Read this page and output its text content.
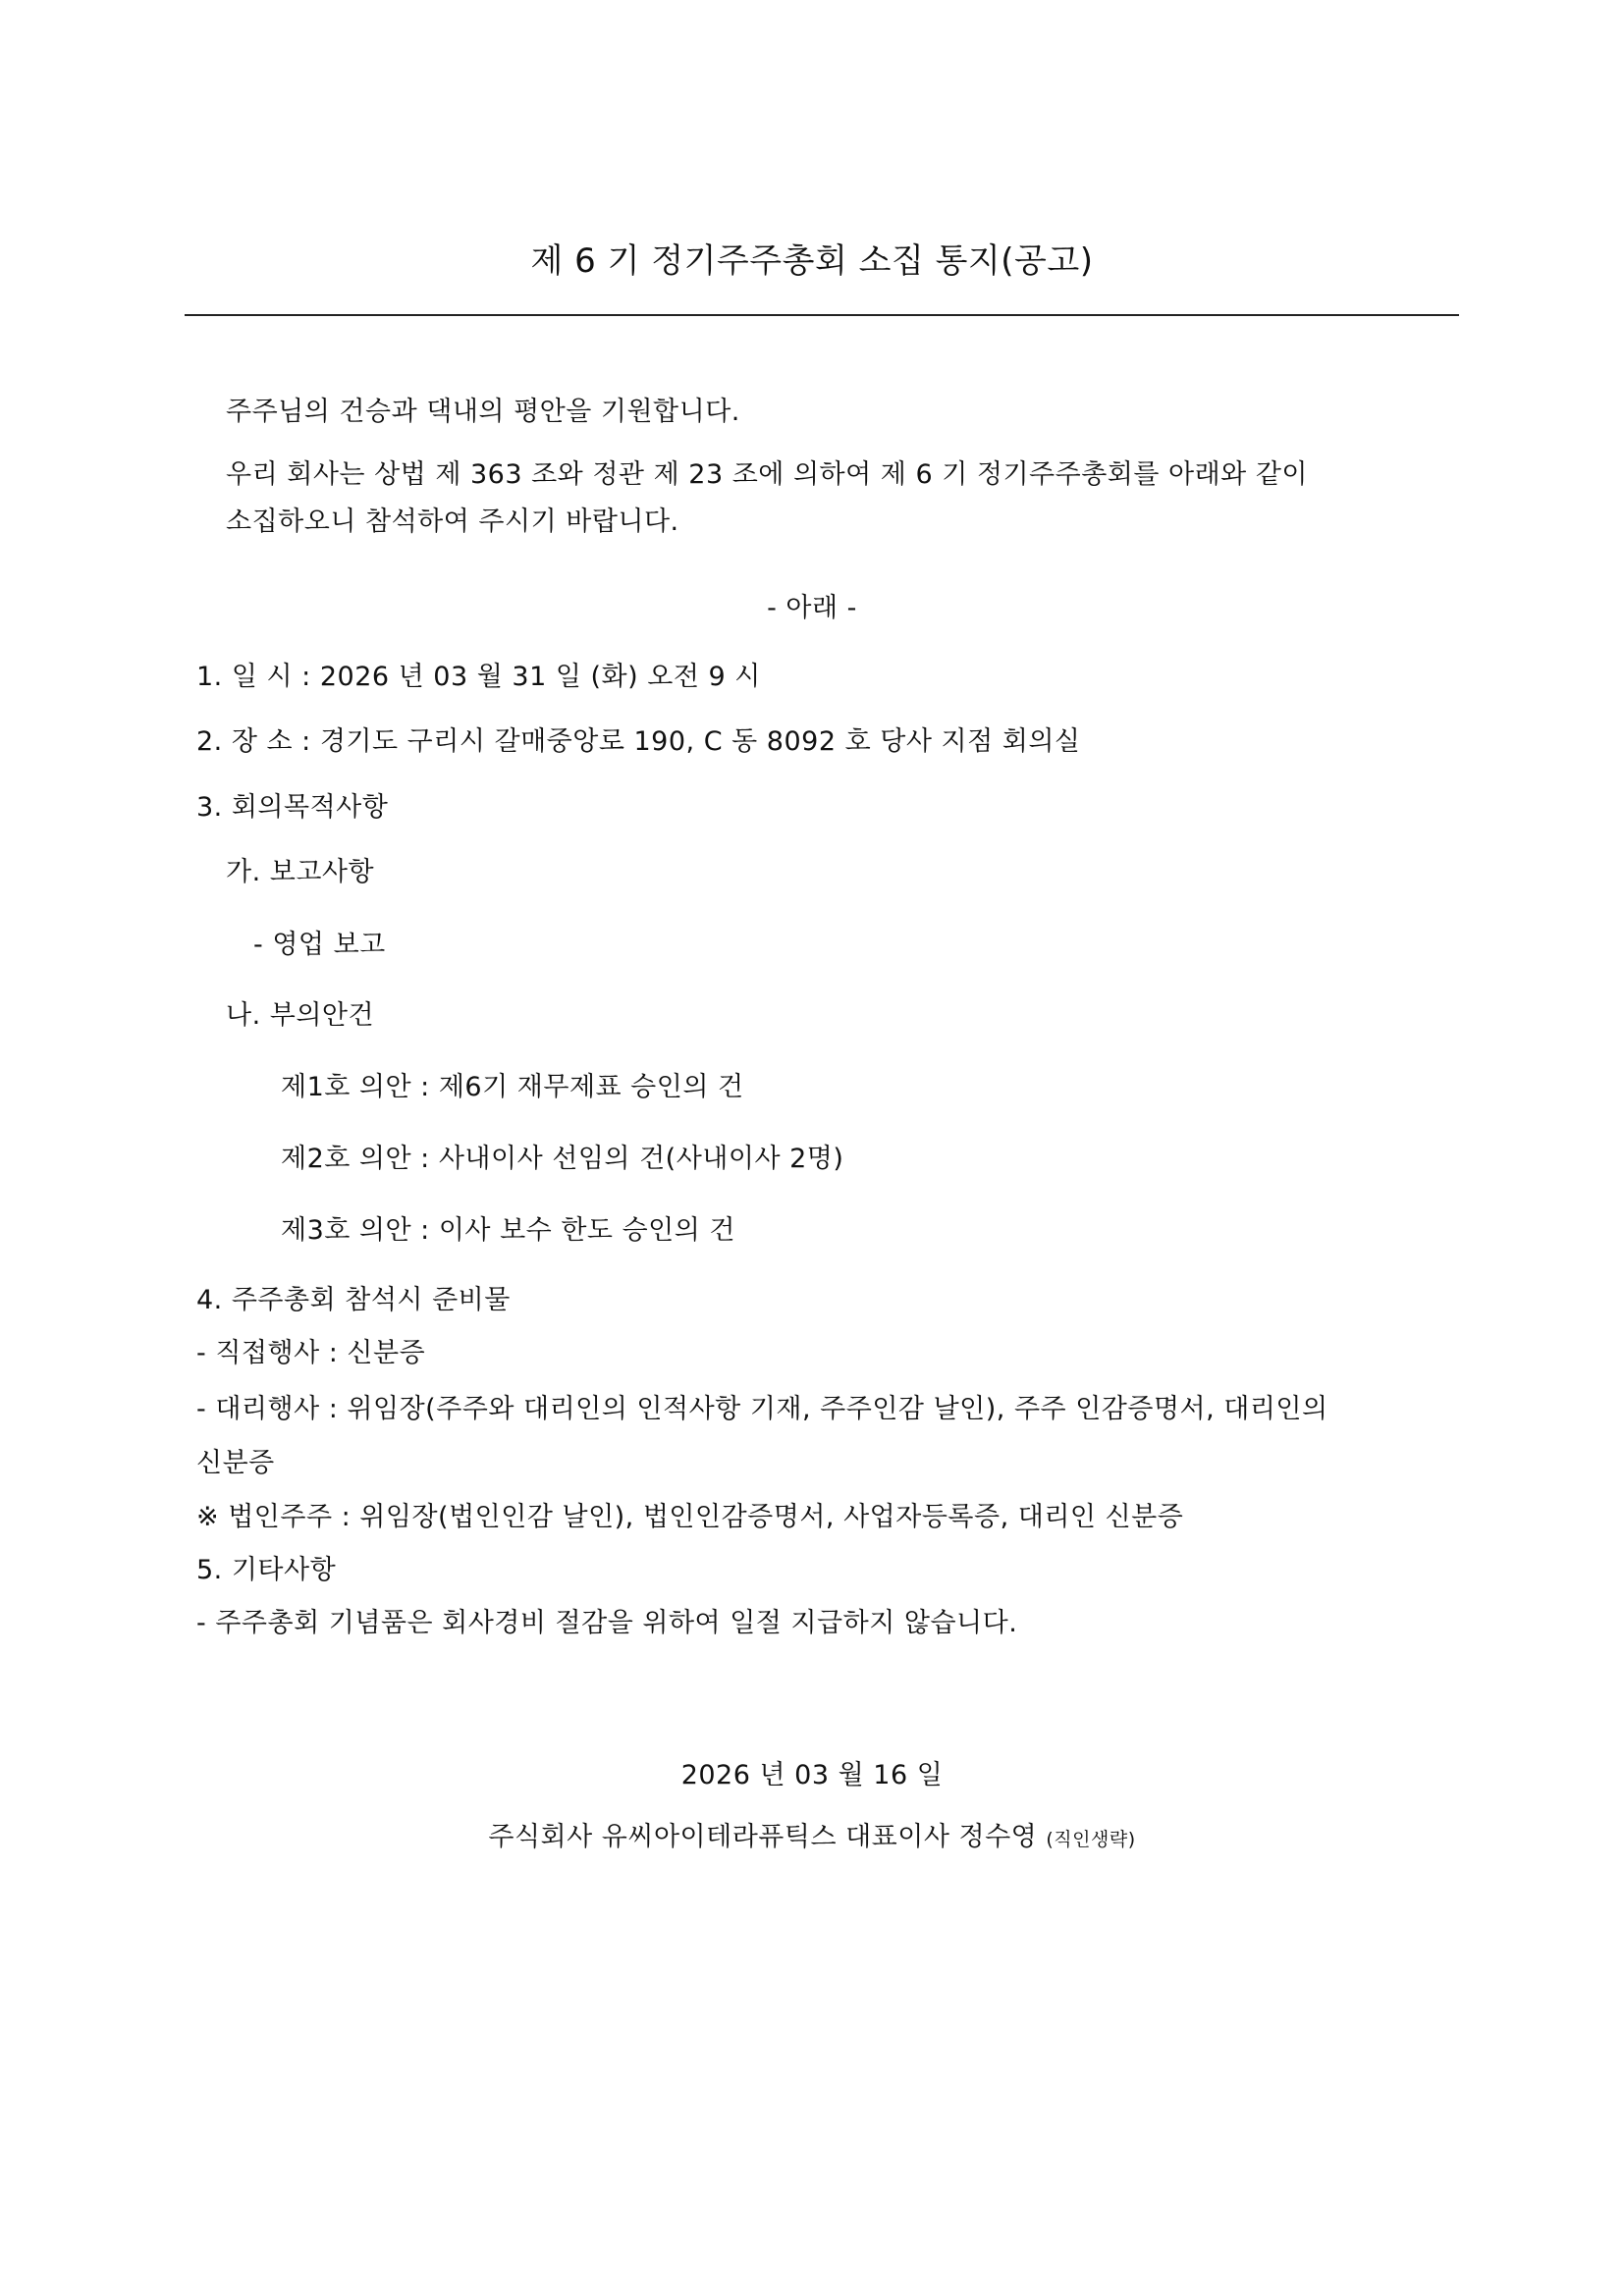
제 6 기 정기주주총회 소집 통지(공고)
주주님의 건승과 댁내의 평안을 기원합니다.
우리 회사는 상법 제 363 조와 정관 제 23 조에 의하여 제 6 기 정기주주총회를 아래와 같이
소집하오니 참석하여 주시기 바랍니다.
- 아래 -
1. 일 시 : 2026 년 03 월 31 일 (화) 오전 9 시
2. 장 소 : 경기도 구리시 갈매중앙로 190, C 동 8092 호 당사 지점 회의실
3. 회의목적사항
가. 보고사항
- 영업 보고
나. 부의안건
제1호 의안 : 제6기 재무제표 승인의 건
제2호 의안 : 사내이사 선임의 건(사내이사 2명)
제3호 의안 : 이사 보수 한도 승인의 건
4. 주주총회 참석시 준비물
- 직접행사 : 신분증
- 대리행사 : 위임장(주주와 대리인의 인적사항 기재, 주주인감 날인), 주주 인감증명서, 대리인의
신분증
※ 법인주주 : 위임장(법인인감 날인), 법인인감증명서, 사업자등록증, 대리인 신분증
5. 기타사항
- 주주총회 기념품은 회사경비 절감을 위하여 일절 지급하지 않습니다.
2026 년 03 월 16 일
주식회사 유씨아이테라퓨틱스 대표이사 정수영 (직인생략)
